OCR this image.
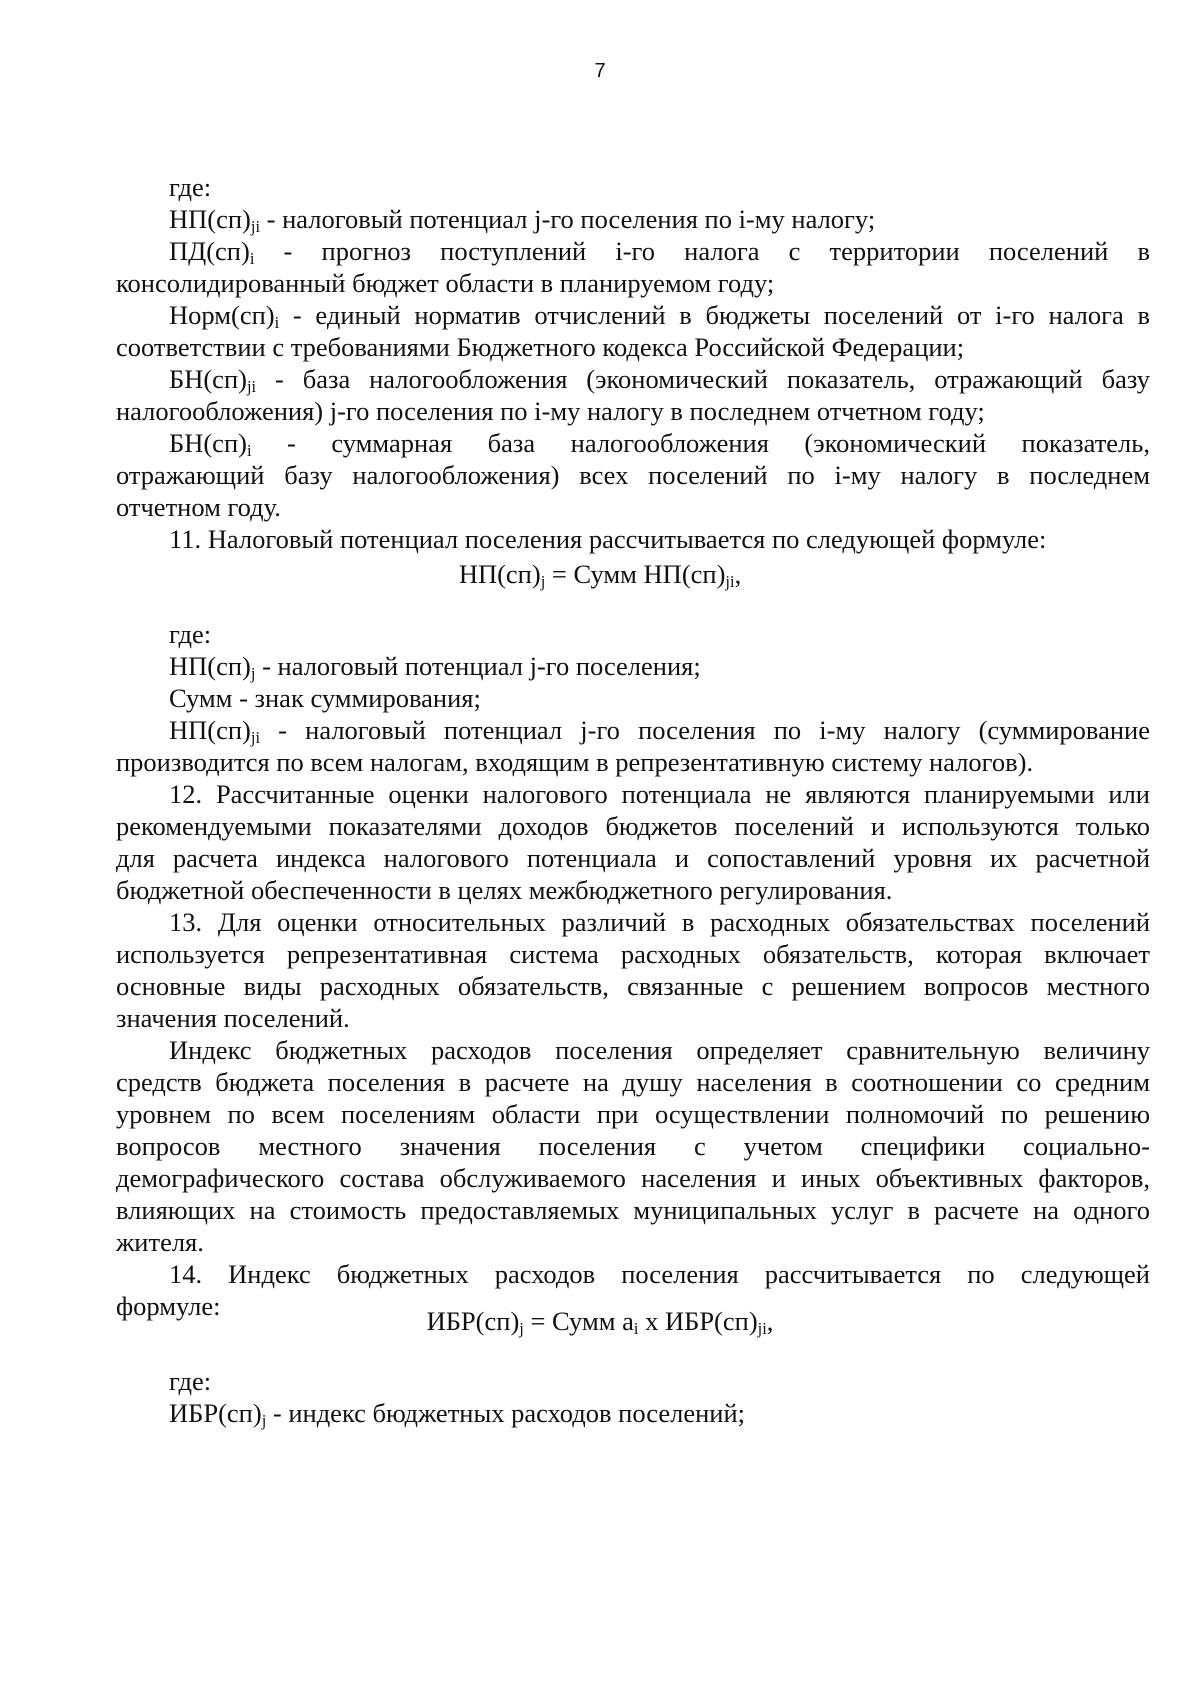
7
где:
$НП(сп)_{ji}$ - налоговый потенциал j-го поселения по i-му налогу;
$ПД(сп)_i$ - прогноз поступлений i-го налога с территории поселений в
консолидированный бюджет области в планируемом году;
$Норм(сп)_i$ - единый норматив отчислений в бюджеты поселений от i-го налога в
соответствии с требованиями Бюджетного кодекса Российской Федерации;
$БН(сп)_{ji}$ - база налогообложения (экономический показатель, отражающий базу
налогообложения) j-го поселения по i-му налогу в последнем отчетном году;
$БН(сп)_i$ - суммарная база налогообложения (экономический показатель,
отражающий базу налогообложения) всех поселений по i-му налогу в последнем
отчетном году.
11. Налоговый потенциал поселения рассчитывается по следующей формуле:
$НП(сп)_j$ = Сумм $НП(сп)_{ji}$,
где:
$НП(сп)_j$ - налоговый потенциал j-го поселения;
Сумм - знак суммирования;
$НП(сп)_{ji}$ - налоговый потенциал j-го поселения по i-му налогу (суммирование
производится по всем налогам, входящим в репрезентативную систему налогов).
12. Рассчитанные оценки налогового потенциала не являются планируемыми или
рекомендуемыми показателями доходов бюджетов поселений и используются только
для расчета индекса налогового потенциала и сопоставлений уровня их расчетной
бюджетной обеспеченности в целях межбюджетного регулирования.
13. Для оценки относительных различий в расходных обязательствах поселений
используется репрезентативная система расходных обязательств, которая включает
основные виды расходных обязательств, связанные с решением вопросов местного
значения поселений.
Индекс бюджетных расходов поселения определяет сравнительную величину
средств бюджета поселения в расчете на душу населения в соотношении со средним
уровнем по всем поселениям области при осуществлении полномочий по решению
вопросов местного значения поселения с учетом специфики социально-
демографического состава обслуживаемого населения и иных объективных факторов,
влияющих на стоимость предоставляемых муниципальных услуг в расчете на одного
жителя.
14. Индекс бюджетных расходов поселения рассчитывается по следующей
формуле:	$ИБР(сп)_j$ = Сумм $a_i$ x $ИБР(сп)_{ji}$,
где:
$ИБР(сп)_j$ - индекс бюджетных расходов поселений;
